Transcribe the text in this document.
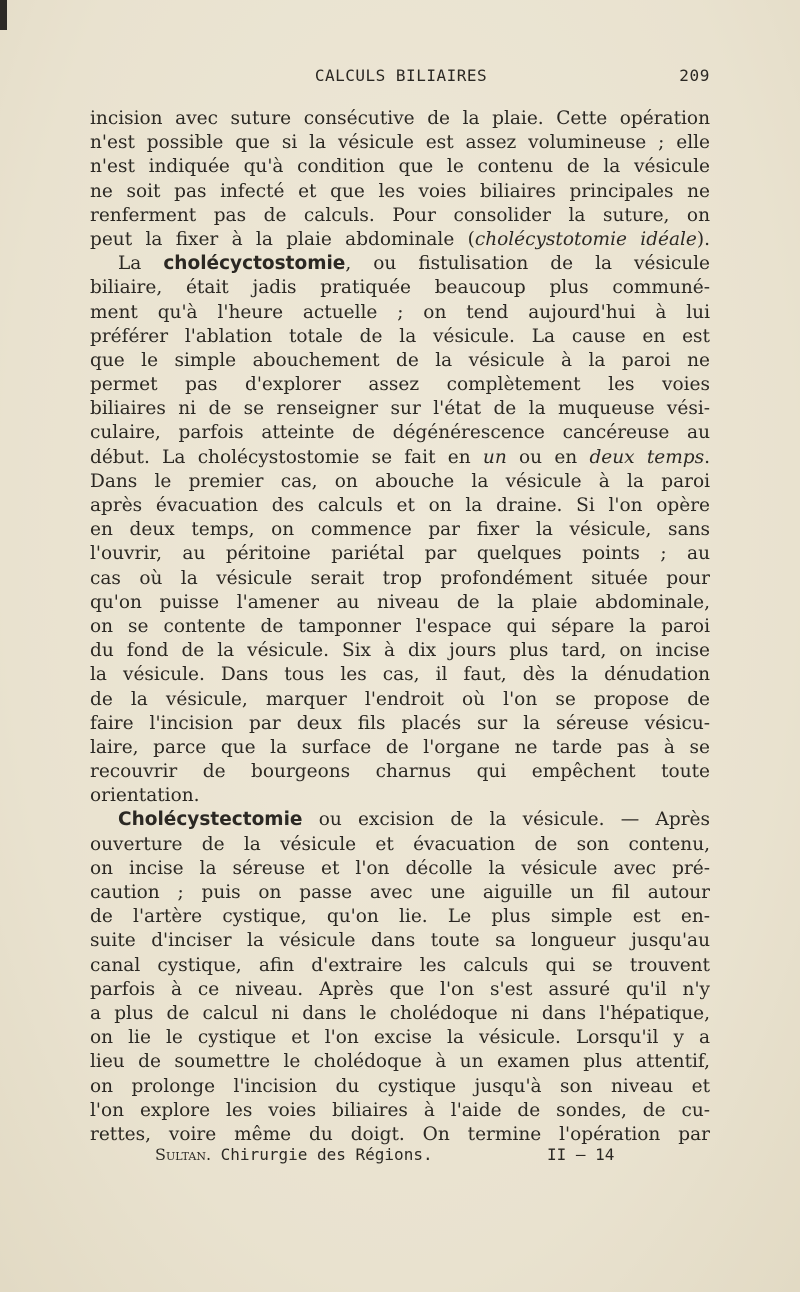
CALCULS BILIAIRES	209
incision avec suture consécutive de la plaie. Cette opération
n'est possible que si la vésicule est assez volumineuse ; elle
n'est indiquée qu'à condition que le contenu de la vésicule
ne soit pas infecté et que les voies biliaires principales ne
renferment pas de calculs. Pour consolider la suture, on
peut la fixer à la plaie abdominale (cholécystotomie idéale).
La cholécyctostomie, ou fistulisation de la vésicule
biliaire, était jadis pratiquée beaucoup plus communé-
ment qu'à l'heure actuelle ; on tend aujourd'hui à lui
préférer l'ablation totale de la vésicule. La cause en est
que le simple abouchement de la vésicule à la paroi ne
permet pas d'explorer assez complètement les voies
biliaires ni de se renseigner sur l'état de la muqueuse vési-
culaire, parfois atteinte de dégénérescence cancéreuse au
début. La cholécystostomie se fait en un ou en deux temps.
Dans le premier cas, on abouche la vésicule à la paroi
après évacuation des calculs et on la draine. Si l'on opère
en deux temps, on commence par fixer la vésicule, sans
l'ouvrir, au péritoine pariétal par quelques points ; au
cas où la vésicule serait trop profondément située pour
qu'on puisse l'amener au niveau de la plaie abdominale,
on se contente de tamponner l'espace qui sépare la paroi
du fond de la vésicule. Six à dix jours plus tard, on incise
la vésicule. Dans tous les cas, il faut, dès la dénudation
de la vésicule, marquer l'endroit où l'on se propose de
faire l'incision par deux fils placés sur la séreuse vésicu-
laire, parce que la surface de l'organe ne tarde pas à se
recouvrir de bourgeons charnus qui empêchent toute
orientation.
Cholécystectomie ou excision de la vésicule. — Après
ouverture de la vésicule et évacuation de son contenu,
on incise la séreuse et l'on décolle la vésicule avec pré-
caution ; puis on passe avec une aiguille un fil autour
de l'artère cystique, qu'on lie. Le plus simple est en-
suite d'inciser la vésicule dans toute sa longueur jusqu'au
canal cystique, afin d'extraire les calculs qui se trouvent
parfois à ce niveau. Après que l'on s'est assuré qu'il n'y
a plus de calcul ni dans le cholédoque ni dans l'hépatique,
on lie le cystique et l'on excise la vésicule. Lorsqu'il y a
lieu de soumettre le cholédoque à un examen plus attentif,
on prolonge l'incision du cystique jusqu'à son niveau et
l'on explore les voies biliaires à l'aide de sondes, de cu-
rettes, voire même du doigt. On termine l'opération par
Sultan. Chirurgie des Régions.	II — 14
